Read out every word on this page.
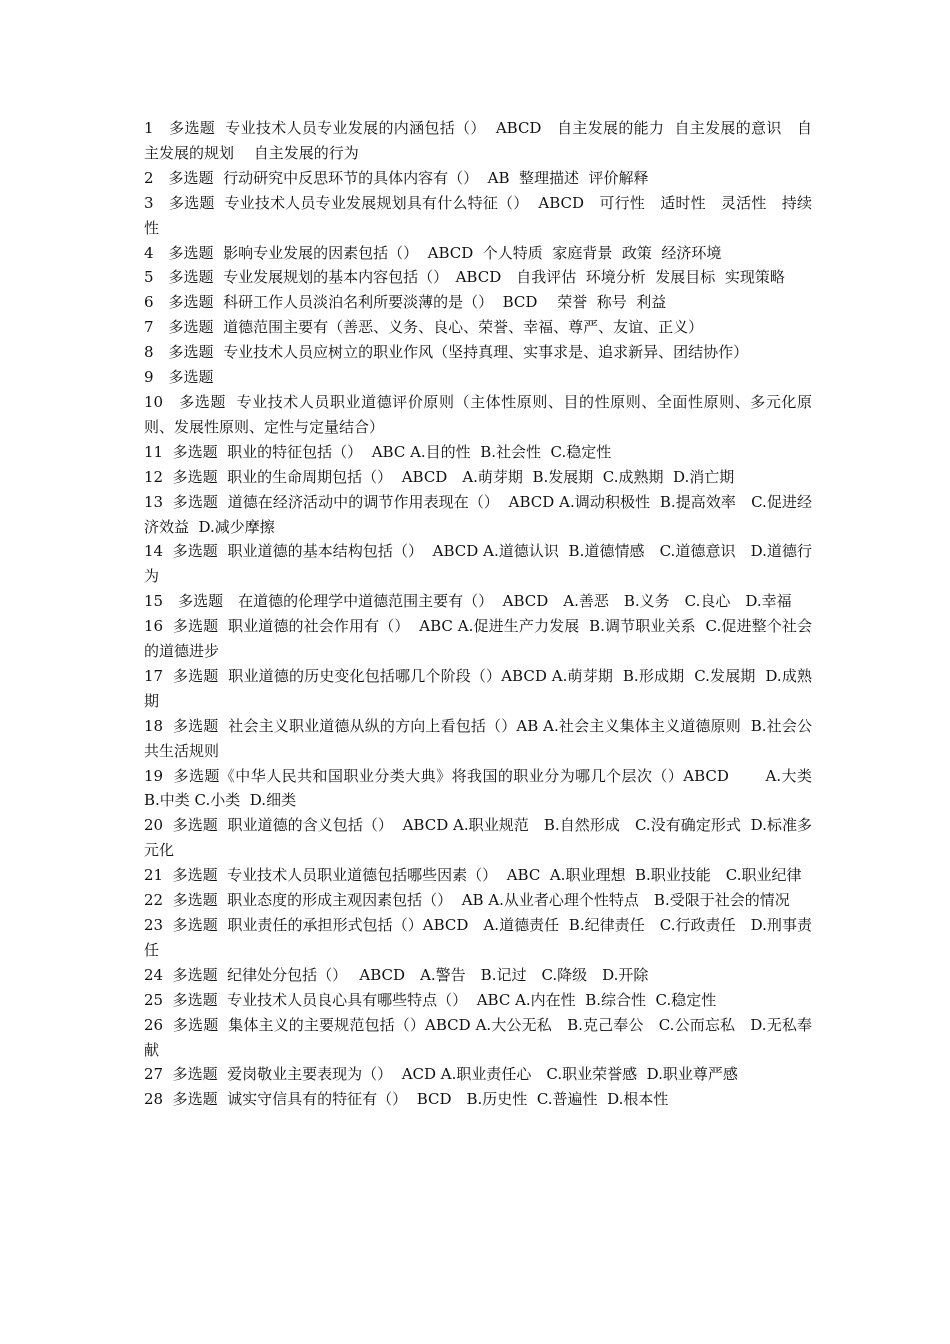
1　多选题  专业技术人员专业发展的内涵包括（）  ABCD　自主发展的能力  自主发展的意识　自主发展的规划　 自主发展的行为

2　多选题  行动研究中反思环节的具体内容有（）  AB  整理描述  评价解释

3　多选题  专业技术人员专业发展规划具有什么特征（）  ABCD　可行性　适时性　灵活性　持续性

4　多选题  影响专业发展的因素包括（）  ABCD  个人特质  家庭背景  政策  经济环境

5　多选题  专业发展规划的基本内容包括（）　ABCD　自我评估  环境分析  发展目标  实现策略

6　多选题  科研工作人员淡泊名利所要淡薄的是（）  BCD　 荣誉  称号  利益

7　多选题  道德范围主要有（善恶、义务、良心、荣誉、幸福、尊严、友谊、正义）

8　多选题  专业技术人员应树立的职业作风（坚持真理、实事求是、追求新异、团结协作）

9　多选题

10　多选题  专业技术人员职业道德评价原则（主体性原则、目的性原则、全面性原则、多元化原则、发展性原则、定性与定量结合）

11  多选题  职业的特征包括（）  ABC A.目的性  B.社会性  C.稳定性

12  多选题  职业的生命周期包括（）  ABCD　A.萌芽期  B.发展期  C.成熟期  D.消亡期

13  多选题  道德在经济活动中的调节作用表现在（）  ABCD A.调动积极性  B.提高效率　C.促进经济效益  D.减少摩擦

14  多选题  职业道德的基本结构包括（）  ABCD A.道德认识  B.道德情感　C.道德意识　D.道德行为

15　多选题　在道德的伦理学中道德范围主要有（）  ABCD　A.善恶　B.义务　C.良心　D.幸福

16  多选题  职业道德的社会作用有（）  ABC A.促进生产力发展  B.调节职业关系  C.促进整个社会的道德进步

17  多选题  职业道德的历史变化包括哪几个阶段（）ABCD A.萌芽期  B.形成期  C.发展期  D.成熟期

18  多选题  社会主义职业道德从纵的方向上看包括（）AB A.社会主义集体主义道德原则  B.社会公共生活规则

19  多选题《中华人民共和国职业分类大典》将我国的职业分为哪几个层次（）ABCD　　 A.大类　B.中类 C.小类  D.细类

20  多选题  职业道德的含义包括（）  ABCD A.职业规范　B.自然形成　C.没有确定形式  D.标准多元化

21  多选题  专业技术人员职业道德包括哪些因素（）  ABC  A.职业理想  B.职业技能　C.职业纪律

22  多选题  职业态度的形成主观因素包括（）  AB A.从业者心理个性特点　B.受限于社会的情况

23  多选题  职业责任的承担形式包括（）ABCD　A.道德责任  B.纪律责任　C.行政责任　D.刑事责任

24  多选题  纪律处分包括（）　 ABCD　A.警告　B.记过　C.降级　D.开除

25  多选题  专业技术人员良心具有哪些特点（）  ABC A.内在性  B.综合性  C.稳定性

26  多选题  集体主义的主要规范包括（）ABCD A.大公无私　B.克己奉公　C.公而忘私　D.无私奉献

27  多选题  爱岗敬业主要表现为（）  ACD A.职业责任心　C.职业荣誉感  D.职业尊严感

28  多选题  诚实守信具有的特征有（）  BCD　B.历史性  C.普遍性  D.根本性
